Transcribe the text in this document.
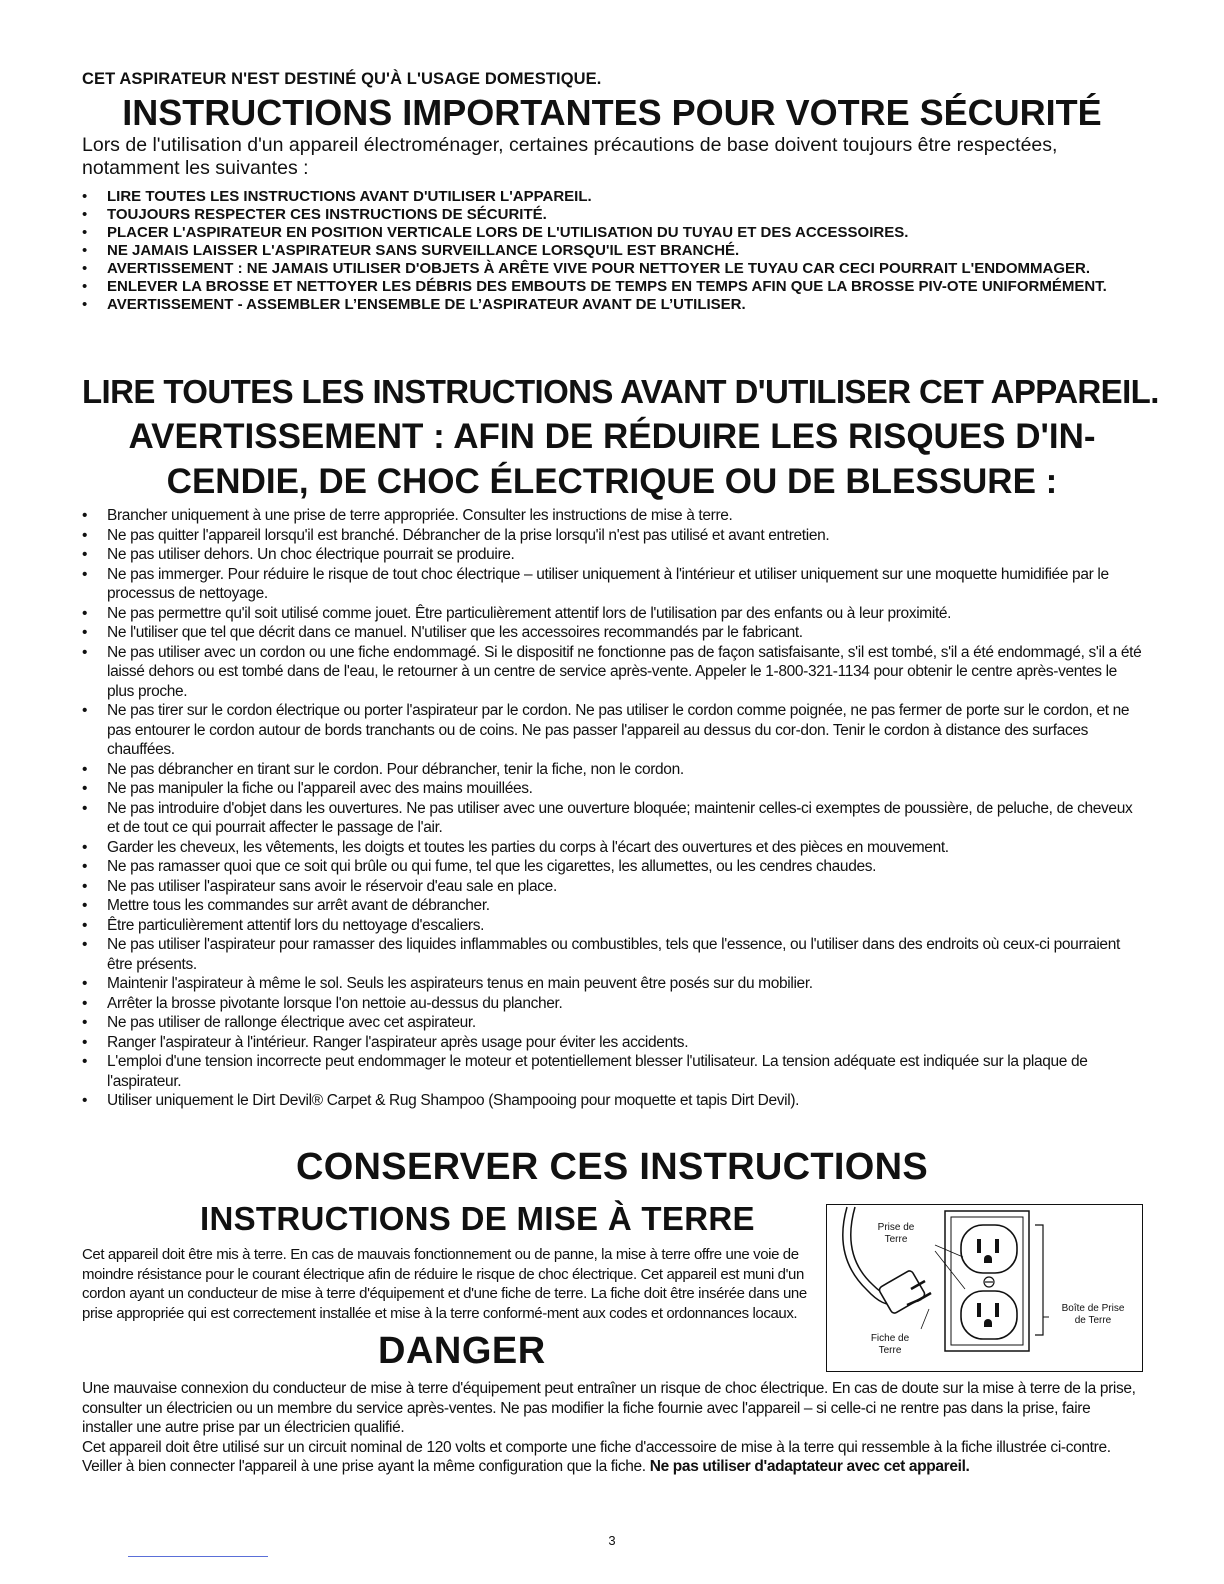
CET ASPIRATEUR N'EST DESTINÉ QU'À L'USAGE DOMESTIQUE.
INSTRUCTIONS IMPORTANTES POUR VOTRE SÉCURITÉ
Lors de l'utilisation d'un appareil électroménager, certaines précautions de base doivent toujours être respectées, notamment les suivantes :
• LIRE TOUTES LES INSTRUCTIONS AVANT D'UTILISER L'APPAREIL.
• TOUJOURS RESPECTER CES INSTRUCTIONS DE SÉCURITÉ.
• PLACER L'ASPIRATEUR EN POSITION VERTICALE LORS DE L'UTILISATION DU TUYAU ET DES ACCESSOIRES.
• NE JAMAIS LAISSER L'ASPIRATEUR SANS SURVEILLANCE LORSQU'IL EST BRANCHÉ.
• AVERTISSEMENT : NE JAMAIS UTILISER D'OBJETS À ARÊTE VIVE POUR NETTOYER LE TUYAU CAR CECI POURRAIT L'ENDOMMAGER.
• ENLEVER LA BROSSE ET NETTOYER LES DÉBRIS DES EMBOUTS DE TEMPS EN TEMPS AFIN QUE LA BROSSE PIV-OTE UNIFORMÉMENT.
• AVERTISSEMENT - ASSEMBLER L’ENSEMBLE DE L’ASPIRATEUR AVANT DE L’UTILISER.
LIRE TOUTES LES INSTRUCTIONS AVANT D'UTILISER CET APPAREIL.
AVERTISSEMENT : AFIN DE RÉDUIRE LES RISQUES D'IN-CENDIE, DE CHOC ÉLECTRIQUE OU DE BLESSURE :
• Brancher uniquement à une prise de terre appropriée. Consulter les instructions de mise à terre.
• Ne pas quitter l'appareil lorsqu'il est branché. Débrancher de la prise lorsqu'il n'est pas utilisé et avant entretien.
• Ne pas utiliser dehors. Un choc électrique pourrait se produire.
• Ne pas immerger. Pour réduire le risque de tout choc électrique – utiliser uniquement à l'intérieur et utiliser uniquement sur une moquette humidifiée par le processus de nettoyage.
• Ne pas permettre qu'il soit utilisé comme jouet. Être particulièrement attentif lors de l'utilisation par des enfants ou à leur proximité.
• Ne l'utiliser que tel que décrit dans ce manuel. N'utiliser que les accessoires recommandés par le fabricant.
• Ne pas utiliser avec un cordon ou une fiche endommagé. Si le dispositif ne fonctionne pas de façon satisfaisante, s'il est tombé, s'il a été endommagé, s'il a été laissé dehors ou est tombé dans de l'eau, le retourner à un centre de service après-vente. Appeler le 1-800-321-1134 pour obtenir le centre après-ventes le plus proche.
• Ne pas tirer sur le cordon électrique ou porter l'aspirateur par le cordon. Ne pas utiliser le cordon comme poignée, ne pas fermer de porte sur le cordon, et ne pas entourer le cordon autour de bords tranchants ou de coins. Ne pas passer l'appareil au dessus du cor-don. Tenir le cordon à distance des surfaces chauffées.
• Ne pas débrancher en tirant sur le cordon. Pour débrancher, tenir la fiche, non le cordon.
• Ne pas manipuler la fiche ou l'appareil avec des mains mouillées.
• Ne pas introduire d'objet dans les ouvertures. Ne pas utiliser avec une ouverture bloquée; maintenir celles-ci exemptes de poussière, de peluche, de cheveux et de tout ce qui pourrait affecter le passage de l'air.
• Garder les cheveux, les vêtements, les doigts et toutes les parties du corps à l'écart des ouvertures et des pièces en mouvement.
• Ne pas ramasser quoi que ce soit qui brûle ou qui fume, tel que les cigarettes, les allumettes, ou les cendres chaudes.
• Ne pas utiliser l'aspirateur sans avoir le réservoir d'eau sale en place.
• Mettre tous les commandes sur arrêt avant de débrancher.
• Être particulièrement attentif lors du nettoyage d'escaliers.
• Ne pas utiliser l'aspirateur pour ramasser des liquides inflammables ou combustibles, tels que l'essence, ou l'utiliser dans des endroits où ceux-ci pourraient être présents.
• Maintenir l'aspirateur à même le sol. Seuls les aspirateurs tenus en main peuvent être posés sur du mobilier.
• Arrêter la brosse pivotante lorsque l'on nettoie au-dessus du plancher.
• Ne pas utiliser de rallonge électrique avec cet aspirateur.
• Ranger l'aspirateur à l'intérieur. Ranger l'aspirateur après usage pour éviter les accidents.
• L'emploi d'une tension incorrecte peut endommager le moteur et potentiellement blesser l'utilisateur. La tension adéquate est indiquée sur la plaque de l'aspirateur.
• Utiliser uniquement le Dirt Devil® Carpet & Rug Shampoo (Shampooing pour moquette et tapis Dirt Devil).
CONSERVER CES INSTRUCTIONS
INSTRUCTIONS DE MISE À TERRE
Cet appareil doit être mis à terre. En cas de mauvais fonctionnement ou de panne, la mise à terre offre une voie de moindre résistance pour le courant électrique afin de réduire le risque de choc électrique. Cet appareil est muni d'un cordon ayant un conducteur de mise à terre d'équipement et d'une fiche de terre. La fiche doit être insérée dans une prise appropriée qui est correctement installée et mise à la terre conformé-ment aux codes et ordonnances locaux.
DANGER
Prise de
Terre
Fiche de
Terre
Boîte de Prise
de Terre

Une mauvaise connexion du conducteur de mise à terre d'équipement peut entraîner un risque de choc électrique. En cas de doute sur la mise à terre de la prise, consulter un électricien ou un membre du service après-ventes. Ne pas modifier la fiche fournie avec l'appareil – si celle-ci ne rentre pas dans la prise, faire installer une autre prise par un électricien qualifié.

Cet appareil doit être utilisé sur un circuit nominal de 120 volts et comporte une fiche d'accessoire de mise à la terre qui ressemble à la fiche illustrée ci-contre. Veiller à bien connecter l'appareil à une prise ayant la même configuration que la fiche. Ne pas utiliser d'adaptateur avec cet appareil.

3
